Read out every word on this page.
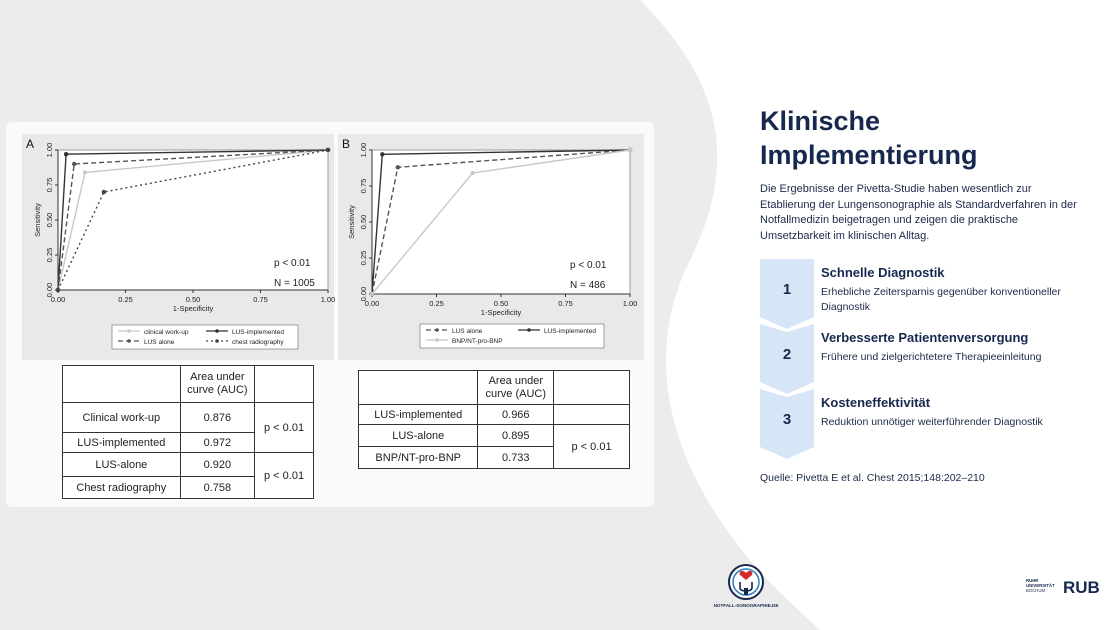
A
0.00	0.25	0.50	0.75	1.00
0.00
0.25
0.50
0.75
1.00
1-Specificity
Sensitivity
p < 0.01
N = 1005
clinical work-up	LUS-implemented
LUS alone	chest radiography
B
0.00	0.25	0.50	0.75	1.00
0.00
0.25
0.50
0.75
1.00
1-Specificity
Sensitivity
p < 0.01
N = 486
LUS alone	LUS-implemented
BNP/NT-pro-BNP
	Area under curve (AUC)	
Clinical work-up	0.876	p < 0.01
LUS-implemented	0.972	
LUS-alone	0.920	p < 0.01
Chest radiography	0.758	
	Area under curve (AUC)	
LUS-implemented	0.966	
LUS-alone	0.895	p < 0.01
BNP/NT-pro-BNP	0.733	
Klinische
Implementierung
Die Ergebnisse der Pivetta-Studie haben wesentlich zur Etablierung der Lungensonographie als Standardverfahren in der Notfallmedizin beigetragen und zeigen die praktische Umsetzbarkeit im klinischen Alltag.
1
Schnelle Diagnostik
Erhebliche Zeitersparnis gegenüber konventioneller Diagnostik
2
Verbesserte Patientenversorgung
Frühere und zielgerichtetere Therapieeinleitung
3
Kosteneffektivität
Reduktion unnötiger weiterführender Diagnostik
Quelle: Pivetta E et al. Chest 2015;148:202–210
NOTFALL-SONOGRAPHIE.DE
RUHR
UNIVERSITÄT
BOCHUM RUB
